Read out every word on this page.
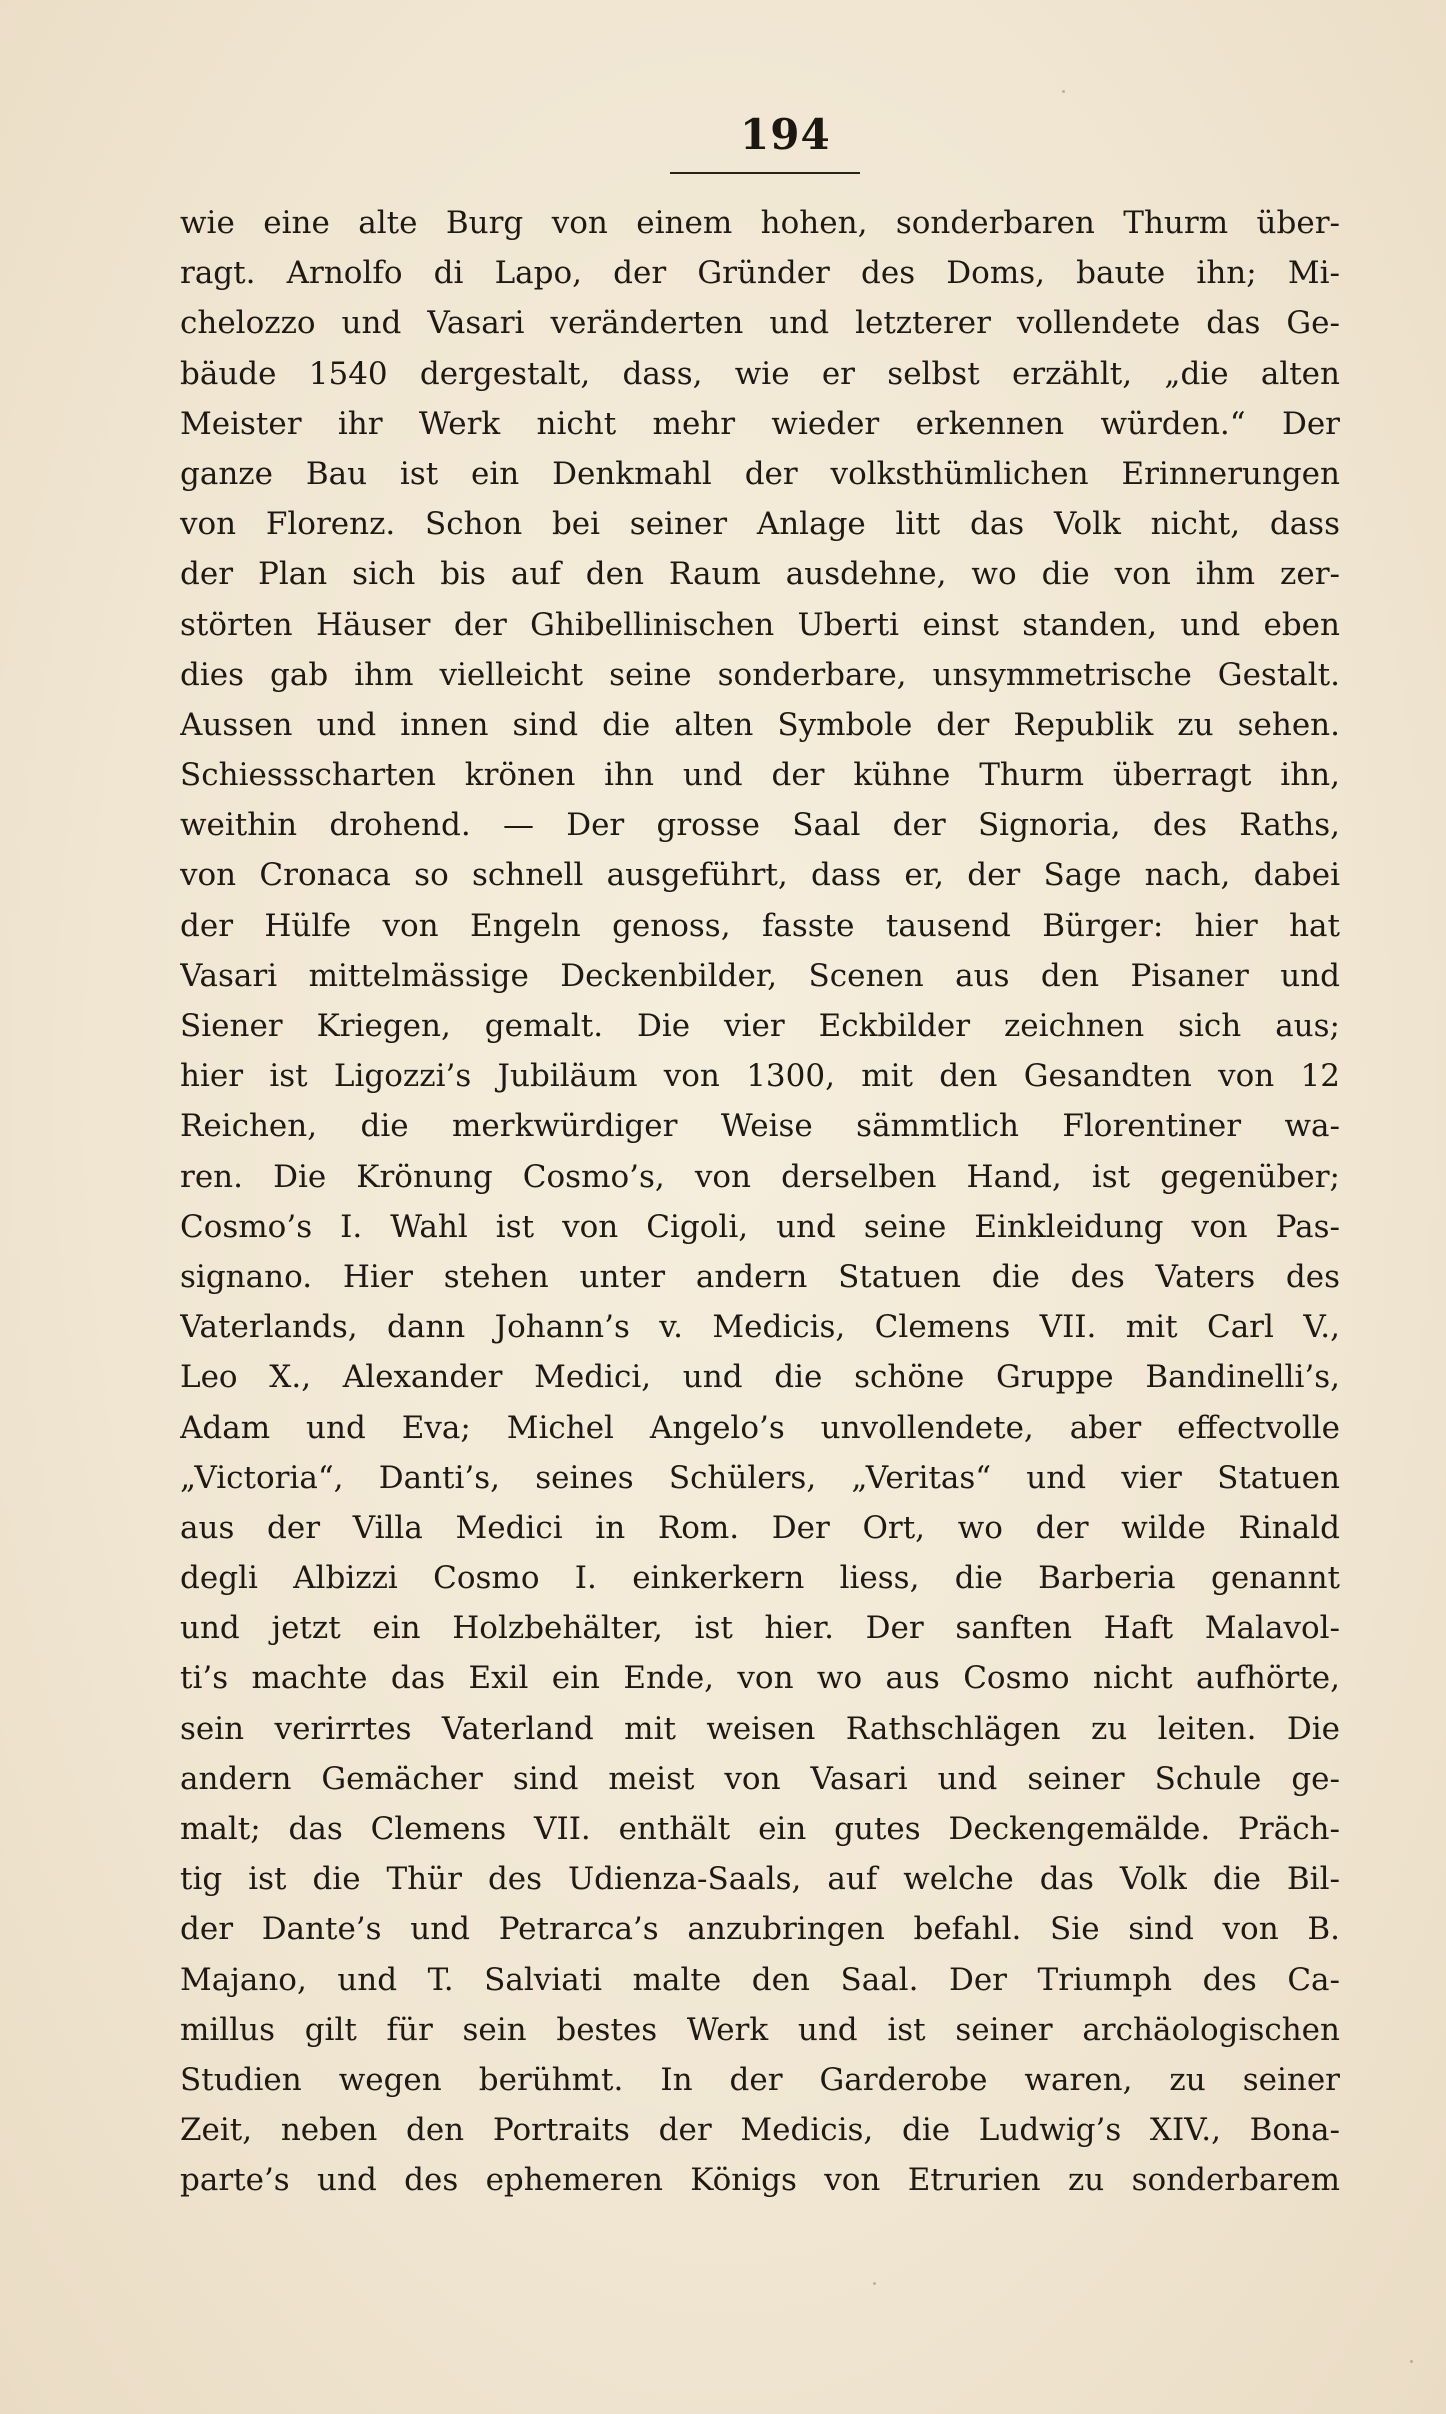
194
wie eine alte Burg von einem hohen, sonderbaren Thurm über-
ragt. Arnolfo di Lapo, der Gründer des Doms, baute ihn; Mi-
chelozzo und Vasari veränderten und letzterer vollendete das Ge-
bäude 1540 dergestalt, dass, wie er selbst erzählt, „die alten
Meister ihr Werk nicht mehr wieder erkennen würden.“ Der
ganze Bau ist ein Denkmahl der volksthümlichen Erinnerungen
von Florenz. Schon bei seiner Anlage litt das Volk nicht, dass
der Plan sich bis auf den Raum ausdehne, wo die von ihm zer-
störten Häuser der Ghibellinischen Uberti einst standen, und eben
dies gab ihm vielleicht seine sonderbare, unsymmetrische Gestalt.
Aussen und innen sind die alten Symbole der Republik zu sehen.
Schiessscharten krönen ihn und der kühne Thurm überragt ihn,
weithin drohend. — Der grosse Saal der Signoria, des Raths,
von Cronaca so schnell ausgeführt, dass er, der Sage nach, dabei
der Hülfe von Engeln genoss, fasste tausend Bürger: hier hat
Vasari mittelmässige Deckenbilder, Scenen aus den Pisaner und
Siener Kriegen, gemalt. Die vier Eckbilder zeichnen sich aus;
hier ist Ligozzi’s Jubiläum von 1300, mit den Gesandten von 12
Reichen, die merkwürdiger Weise sämmtlich Florentiner wa-
ren. Die Krönung Cosmo’s, von derselben Hand, ist gegenüber;
Cosmo’s I. Wahl ist von Cigoli, und seine Einkleidung von Pas-
signano. Hier stehen unter andern Statuen die des Vaters des
Vaterlands, dann Johann’s v. Medicis, Clemens VII. mit Carl V.,
Leo X., Alexander Medici, und die schöne Gruppe Bandinelli’s,
Adam und Eva; Michel Angelo’s unvollendete, aber effectvolle
„Victoria“, Danti’s, seines Schülers, „Veritas“ und vier Statuen
aus der Villa Medici in Rom. Der Ort, wo der wilde Rinald
degli Albizzi Cosmo I. einkerkern liess, die Barberia genannt
und jetzt ein Holzbehälter, ist hier. Der sanften Haft Malavol-
ti’s machte das Exil ein Ende, von wo aus Cosmo nicht aufhörte,
sein verirrtes Vaterland mit weisen Rathschlägen zu leiten. Die
andern Gemächer sind meist von Vasari und seiner Schule ge-
malt; das Clemens VII. enthält ein gutes Deckengemälde. Präch-
tig ist die Thür des Udienza-Saals, auf welche das Volk die Bil-
der Dante’s und Petrarca’s anzubringen befahl. Sie sind von B.
Majano, und T. Salviati malte den Saal. Der Triumph des Ca-
millus gilt für sein bestes Werk und ist seiner archäologischen
Studien wegen berühmt. In der Garderobe waren, zu seiner
Zeit, neben den Portraits der Medicis, die Ludwig’s XIV., Bona-
parte’s und des ephemeren Königs von Etrurien zu sonderbarem
